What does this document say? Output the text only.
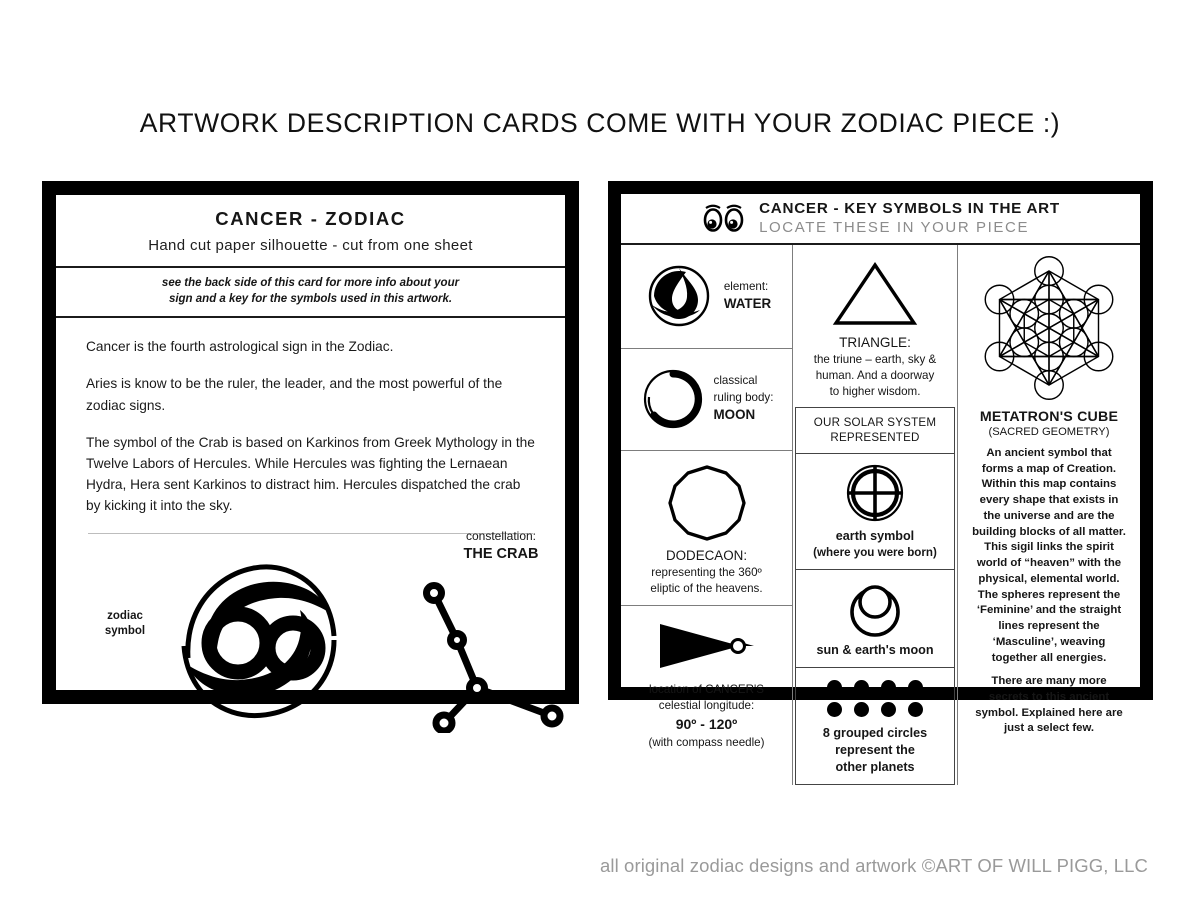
ARTWORK DESCRIPTION CARDS COME WITH YOUR ZODIAC PIECE :)
CANCER - ZODIAC
Hand cut paper silhouette - cut from one sheet
see the back side of this card for more info about your
sign and a key for the symbols used in this artwork.
Cancer is the fourth astrological sign in the Zodiac.
Aries is know to be the ruler, the leader, and the most powerful of the zodiac signs.
The symbol of the Crab is based on Karkinos from Greek Mythology in the Twelve Labors of Hercules. While Hercules was fighting the Lernaean Hydra, Hera sent Karkinos to distract him. Hercules dispatched the crab by kicking it into the sky.
zodiac
symbol
constellation:
THE CRAB
CANCER - KEY SYMBOLS IN THE ART
LOCATE THESE IN YOUR PIECE
element:
WATER
classical
ruling body:
MOON
DODECAON:
representing the 360º
eliptic of the heavens.
location of CANCER'S
celestial longitude:
90º - 120º
(with compass needle)
TRIANGLE:
the triune – earth, sky &
human. And a doorway
to higher wisdom.
OUR SOLAR SYSTEM
REPRESENTED
earth symbol
(where you were born)
sun & earth's moon
8 grouped circles
represent the
other planets
METATRON'S CUBE
(SACRED GEOMETRY)
An ancient symbol that forms a map of Creation. Within this map contains every shape that exists in the universe and are the building blocks of all matter. This sigil links the spirit world of “heaven” with the physical, elemental world. The spheres represent the ‘Feminine’ and the straight lines represent the ‘Masculine’, weaving together all energies.
There are many more secrets to this ancient symbol. Explained here are just a select few.
all original zodiac designs and artwork ©ART OF WILL PIGG, LLC
